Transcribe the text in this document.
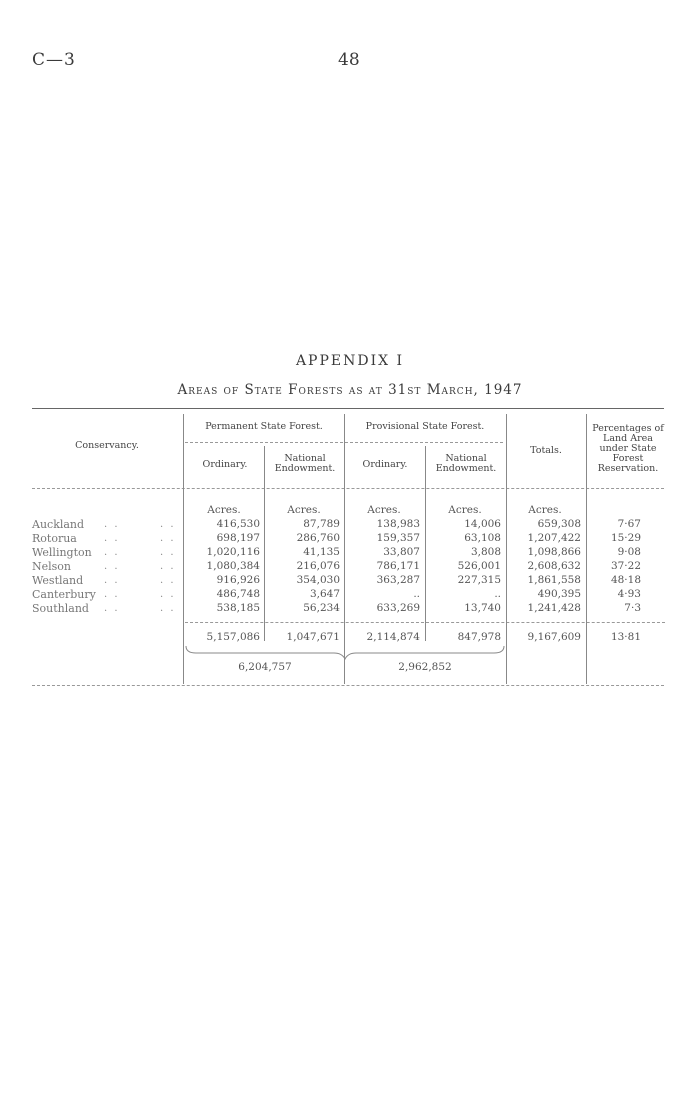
C—3	48
APPENDIX I
Areas of State Forests as at 31st March, 1947
Conservancy.
Permanent State Forest.	Provisional State Forest.
Ordinary.
National Endowment.	Ordinary.
National Endowment.
Totals.
Percentages of Land Area under State Forest Reservation.
Acres.	Acres.	Acres.	Acres.	Acres.
Auckland . .	. .	416,530	87,789	138,983	14,006	659,308	7·67
Rotorua	. .	. .	698,197	286,760	159,357	63,108	1,207,422	15·29
Wellington . .	. .	1,020,116	41,135	33,807	3,808	1,098,866	9·08
Nelson	. .	. .	1,080,384	216,076	786,171	526,001	2,608,632	37·22
Westland . .	. .	916,926	354,030	363,287	227,315	1,861,558	48·18
Canterbury . .	. .	486,748	3,647	..	..	490,395	4·93
Southland . .	. .	538,185	56,234	633,269	13,740	1,241,428	7·3
5,157,086	1,047,671	2,114,874	847,978	9,167,609	13·81
6,204,757	2,962,852
